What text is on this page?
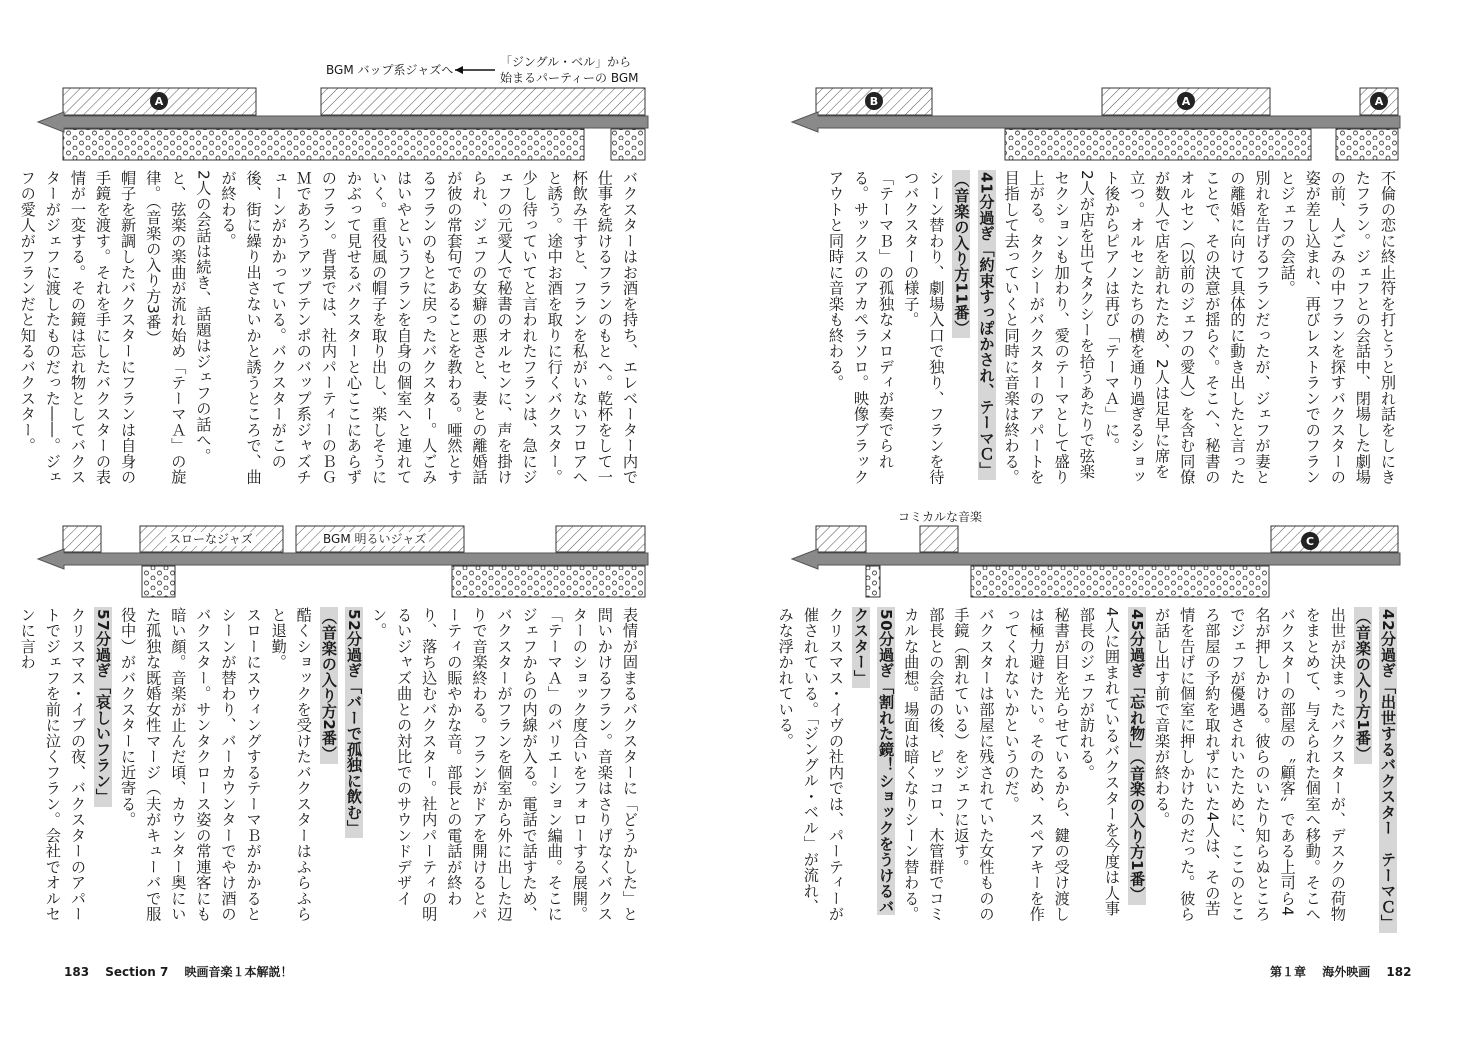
A	B	A	A
C
BGM バップ系ジャズへ
「ジングル・ベル」から
始まるパーティーの BGM
スローなジャズ	BGM 明るいジャズ
コミカルな音楽

バクスターはお酒を持ち、エレベーター内で仕事を続けるフランのもとへ。乾杯をして一杯飲み干すと、フランを私がいないフロアへと誘う。途中お酒を取りに行くバクスター。少し待っていてと言われたフランは、急にジェフの元愛人で秘書のオルセンに、声を掛けられ、ジェフの女癖の悪さと、妻との離婚話が彼の常套句であることを教わる。唖然とするフランのもとに戻ったバクスター。人ごみはいやというフランを自身の個室へと連れていく。重役風の帽子を取り出し、楽しそうにかぶって見せるバクスターと心ここにあらずのフラン。背景では、社内パーティーのＢＧＭであろうアップテンポのバップ系ジャズチューンがかかっている。バクスターがこの後、街に繰り出さないかと誘うところで、曲が終わる。

2人の会話は続き、話題はジェフの話へ。と、弦楽の楽曲が流れ始め「テーマＡ」の旋律。（音楽の入り方3番）

帽子を新調したバクスターにフランは自身の手鏡を渡す。それを手にしたバクスターの表情が一変する。その鏡は忘れ物としてバクスターがジェフに渡したものだった――。ジェフの愛人がフランだと知るバクスター。	不倫の恋に終止符を打とうと別れ話をしにきたフラン。ジェフとの会話中、閉場した劇場の前、人ごみの中フランを探すバクスターの姿が差し込まれ、再びレストランでのフランとジェフの会話。

別れを告げるフランだったが、ジェフが妻との離婚に向けて具体的に動き出したと言ったことで、その決意が揺らぐ。そこへ、秘書のオルセン（以前のジェフの愛人）を含む同僚が数人で店を訪れたため、2人は足早に席を立つ。オルセンたちの横を通り過ぎるショット後からピアノは再び「テーマＡ」に。

2人が店を出てタクシーを拾うあたりで弦楽セクションも加わり、愛のテーマとして盛り上がる。タクシーがバクスターのアパートを目指して去っていくと同時に音楽は終わる。

41分過ぎ「約束すっぽかされ、テーマＣ」

（音楽の入り方11番）

シーン替わり、劇場入口で独り、フランを待つバクスターの様子。

「テーマＢ」の孤独なメロディが奏でられる。サックスのアカペラソロ。映像ブラックアウトと同時に音楽も終わる。

表情が固まるバクスターに「どうかした」と問いかけるフラン。音楽はさりげなくバクスターのショック度合いをフォローする展開。

「テーマＡ」のバリエーション編曲。そこにジェフからの内線が入る。電話で話すため、バクスターがフランを個室から外に出した辺りで音楽終わる。フランがドアを開けるとパーティの賑やかな音。部長との電話が終わり、落ち込むバクスター。社内パーティの明るいジャズ曲との対比でのサウンドデザイン。

52分過ぎ「バーで孤独に飲む」

（音楽の入り方2番）

酷くショックを受けたバクスターはふらふらと退勤。

スローにスウィングするテーマＢがかかるとシーンが替わり、バーカウンターでやけ酒のバクスター。サンタクロース姿の常連客にも暗い顔。音楽が止んだ頃、カウンター奥にいた孤独な既婚女性マージ（夫がキューバで服役中）がバクスターに近寄る。

57分過ぎ「哀しいフラン」

クリスマス・イブの夜、バクスターのアパートでジェフを前に泣くフラン。会社でオルセンに言わ	42分過ぎ「出世するバクスター　テーマＣ」

（音楽の入り方1番）

出世が決まったバクスターが、デスクの荷物をまとめて、与えられた個室へ移動。そこへバクスターの部屋の〝顧客〟である上司ら4名が押しかける。彼らのいたり知らぬところでジェフが優遇されいたために、ここのところ部屋の予約を取れずにいた4人は、その苦情を告げに個室に押しかけたのだった。彼らが話し出す前で音楽が終わる。

45分過ぎ「忘れ物」（音楽の入り方1番）

4人に囲まれているバクスターを今度は人事部長のジェフが訪れる。

秘書が目を光らせているから、鍵の受け渡しは極力避けたい。そのため、スペアキーを作ってくれないかというのだ。

バクスターは部屋に残されていた女性ものの手鏡（割れている）をジェフに返す。

部長との会話の後、ピッコロ、木管群でコミカルな曲想。場面は暗くなりシーン替わる。

50分過ぎ「割れた鏡！ショックをうけるバクスター」

クリスマス・イヴの社内では、パーティーが催されている。「ジングル・ベル」が流れ、みな浮かれている。

183 Section 7 映画音楽１本解説！	第１章 海外映画 182
